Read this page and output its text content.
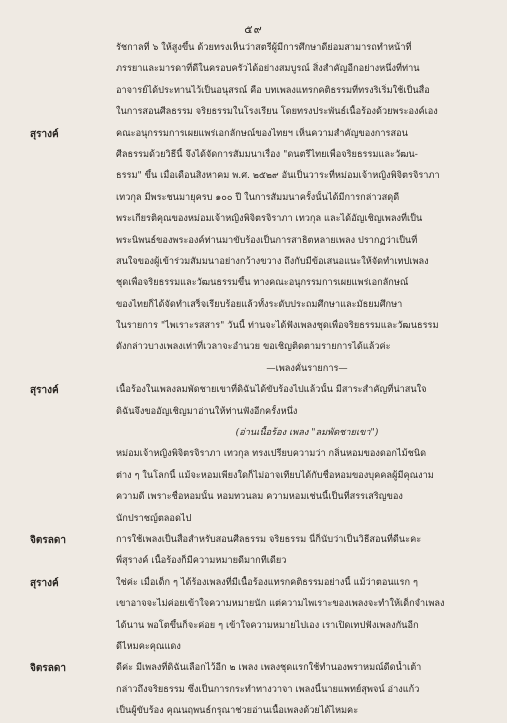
๕๙
รัชกาลที่ ๖ ให้สูงขึ้น ด้วยทรงเห็นว่าสตรีผู้มีการศึกษาดีย่อมสามารถทำหน้าที่
ภรรยาและมารดาที่ดีในครอบครัวได้อย่างสมบูรณ์ สิ่งสำคัญอีกอย่างหนึ่งที่ท่าน
อาจารย์ได้ประทานไว้เป็นอนุสรณ์ คือ บทเพลงแทรกคติธรรมที่ทรงริเริ่มใช้เป็นสื่อ
ในการสอนศีลธรรม จริยธรรมในโรงเรียน โดยทรงประพันธ์เนื้อร้องด้วยพระองค์เอง
สุรางค์	คณะอนุกรรมการเผยแพร่เอกลักษณ์ของไทยฯ เห็นความสำคัญของการสอน
ศีลธรรมด้วยวิธีนี้ จึงได้จัดการสัมมนาเรื่อง "ดนตรีไทยเพื่อจริยธรรมและวัฒน-
ธรรม" ขึ้น เมื่อเดือนสิงหาคม พ.ศ. ๒๕๒๙ อันเป็นวาระที่หม่อมเจ้าหญิงพิจิตรจิราภา
เทวกุล มีพระชนมายุครบ ๑๐๐ ปี ในการสัมมนาครั้งนั้นได้มีการกล่าวสดุดี
พระเกียรติคุณของหม่อมเจ้าหญิงพิจิตรจิราภา เทวกุล และได้อัญเชิญเพลงที่เป็น
พระนิพนธ์ของพระองค์ท่านมาขับร้องเป็นการสาธิตหลายเพลง ปรากฏว่าเป็นที่
สนใจของผู้เข้าร่วมสัมมนาอย่างกว้างขวาง ถึงกับมีข้อเสนอแนะให้จัดทำเทปเพลง
ชุดเพื่อจริยธรรมและวัฒนธรรมขึ้น ทางคณะอนุกรรมการเผยแพร่เอกลักษณ์
ของไทยก็ได้จัดทำเสร็จเรียบร้อยแล้วทั้งระดับประถมศึกษาและมัธยมศึกษา
ในรายการ "ไพเราะรสสาร" วันนี้ ท่านจะได้ฟังเพลงชุดเพื่อจริยธรรมและวัฒนธรรม
ดังกล่าวบางเพลงเท่าที่เวลาจะอำนวย ขอเชิญติดตามรายการได้แล้วค่ะ
—เพลงคั่นรายการ—
สุรางค์	เนื้อร้องในเพลงลมพัดชายเขาที่ดิฉันได้ขับร้องไปแล้วนั้น มีสาระสำคัญที่น่าสนใจ
ดิฉันจึงขออัญเชิญมาอ่านให้ท่านฟังอีกครั้งหนึ่ง
(อ่านเนื้อร้อง เพลง "ลมพัดชายเขา")
หม่อมเจ้าหญิงพิจิตรจิราภา เทวกุล ทรงเปรียบความว่า กลิ่นหอมของดอกไม้ชนิด
ต่าง ๆ ในโลกนี้ แม้จะหอมเพียงใดก็ไม่อาจเทียบได้กับชื่อหอมของบุคคลผู้มีคุณงาม
ความดี เพราะชื่อหอมนั้น หอมทวนลม ความหอมเช่นนี้เป็นที่สรรเสริญของ
นักปราชญ์ตลอดไป
จิตรลดา	การใช้เพลงเป็นสื่อสำหรับสอนศีลธรรม จริยธรรม นี่ก็นับว่าเป็นวิธีสอนที่ดีนะคะ
พี่สุรางค์ เนื้อร้องก็มีความหมายดีมากทีเดียว
สุรางค์	ใช่ค่ะ เมื่อเด็ก ๆ ได้ร้องเพลงที่มีเนื้อร้องแทรกคติธรรมอย่างนี้ แม้ว่าตอนแรก ๆ
เขาอาจจะไม่ค่อยเข้าใจความหมายนัก แต่ความไพเราะของเพลงจะทำให้เด็กจำเพลง
ได้นาน พอโตขึ้นก็จะค่อย ๆ เข้าใจความหมายไปเอง เราเปิดเทปฟังเพลงกันอีก
ดีไหมคะคุณแดง
จิตรลดา	ดีค่ะ มีเพลงที่ดิฉันเลือกไว้อีก ๒ เพลง เพลงชุดแรกใช้ทำนองพราหมณ์ดีดน้ำเต้า
กล่าวถึงจริยธรรม ซึ่งเป็นการกระทำทางวาจา เพลงนี้นายแพทย์สุพจน์ อ่างแก้ว
เป็นผู้ขับร้อง คุณนฤพนธ์กรุณาช่วยอ่านเนื้อเพลงด้วยได้ไหมคะ
